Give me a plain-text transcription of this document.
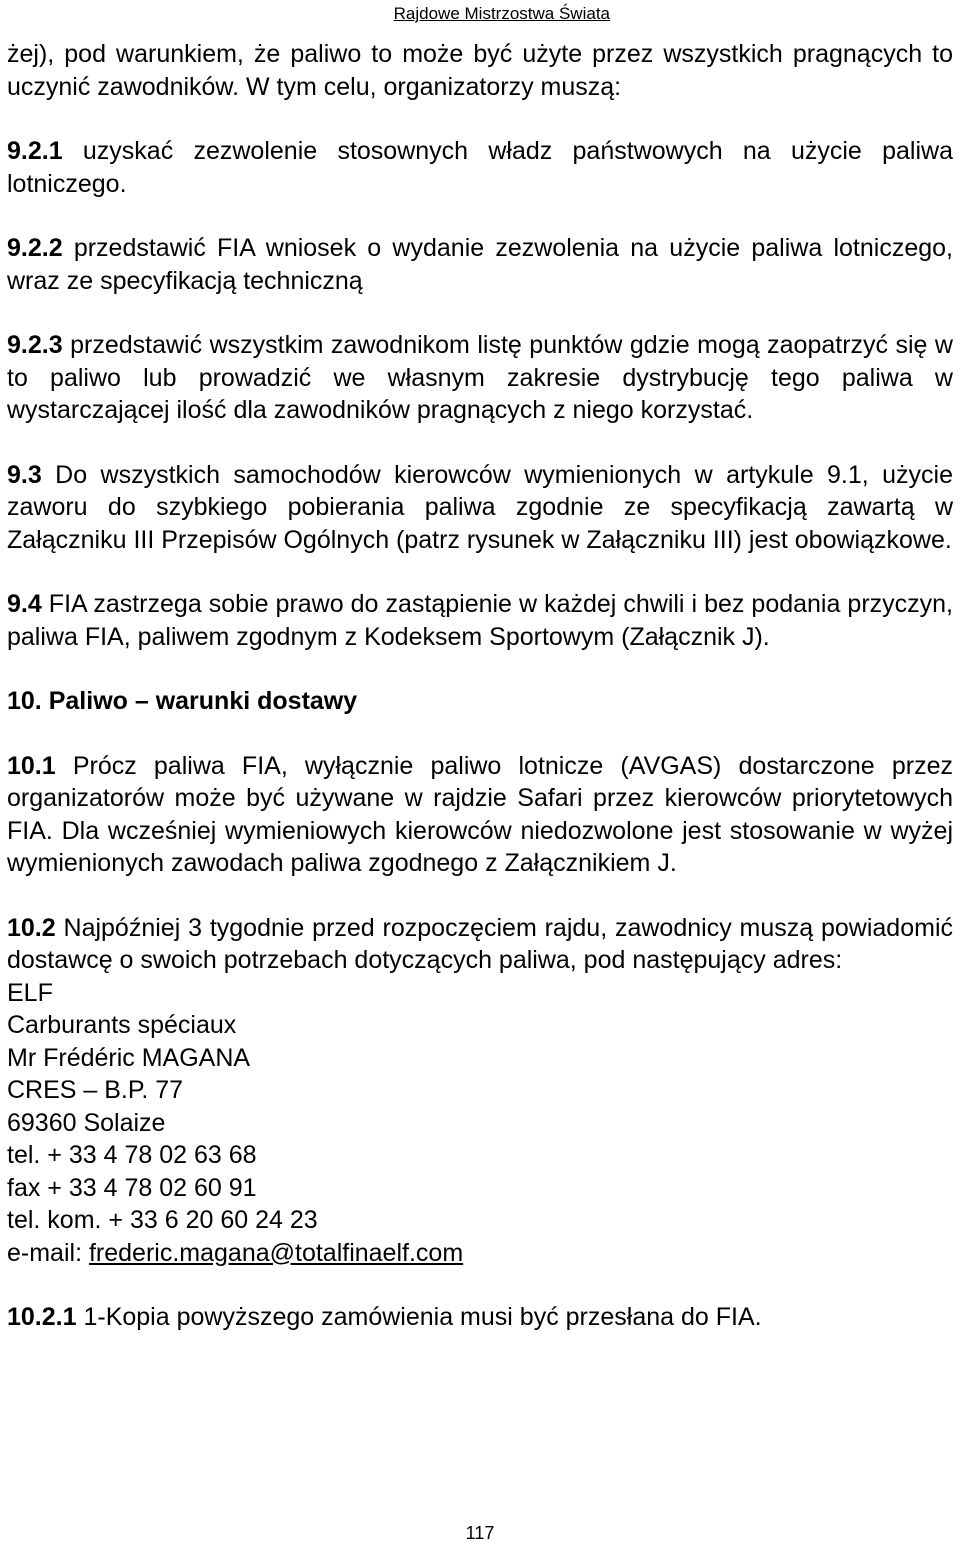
Rajdowe Mistrzostwa Świata

żej), pod warunkiem, że paliwo to może być użyte przez wszystkich pragnących to uczynić zawodników. W tym celu, organizatorzy muszą:

9.2.1 uzyskać zezwolenie stosownych władz państwowych na użycie paliwa lotniczego.

9.2.2 przedstawić FIA wniosek o wydanie zezwolenia na użycie paliwa lotniczego, wraz ze specyfikacją techniczną

9.2.3 przedstawić wszystkim zawodnikom listę punktów gdzie mogą zaopatrzyć się w to paliwo lub prowadzić we własnym zakresie dystrybucję tego paliwa w wystarczającej ilość dla zawodników pragnących z niego korzystać.

9.3 Do wszystkich samochodów kierowców wymienionych w artykule 9.1, użycie zaworu do szybkiego pobierania paliwa zgodnie ze specyfikacją zawartą w Załączniku III Przepisów Ogólnych (patrz rysunek w Załączniku III) jest obowiązkowe.

9.4 FIA zastrzega sobie prawo do zastąpienie w każdej chwili i bez podania przyczyn, paliwa FIA, paliwem zgodnym z Kodeksem Sportowym (Załącznik J).

10. Paliwo – warunki dostawy

10.1 Prócz paliwa FIA, wyłącznie paliwo lotnicze (AVGAS) dostarczone przez organizatorów może być używane w rajdzie Safari przez kierowców priorytetowych FIA. Dla wcześniej wymieniowych kierowców niedozwolone jest stosowanie w wyżej wymienionych zawodach paliwa zgodnego z Załącznikiem J.

10.2 Najpóźniej 3 tygodnie przed rozpoczęciem rajdu, zawodnicy muszą powiadomić dostawcę o swoich potrzebach dotyczących paliwa, pod następujący adres:

ELF
Carburants spéciaux
Mr Frédéric MAGANA
CRES – B.P. 77
69360 Solaize
tel. + 33 4 78 02 63 68
fax + 33 4 78 02 60 91
tel. kom. + 33 6 20 60 24 23
e-mail: frederic.magana@totalfinaelf.com

10.2.1 1-Kopia powyższego zamówienia musi być przesłana do FIA.

117
